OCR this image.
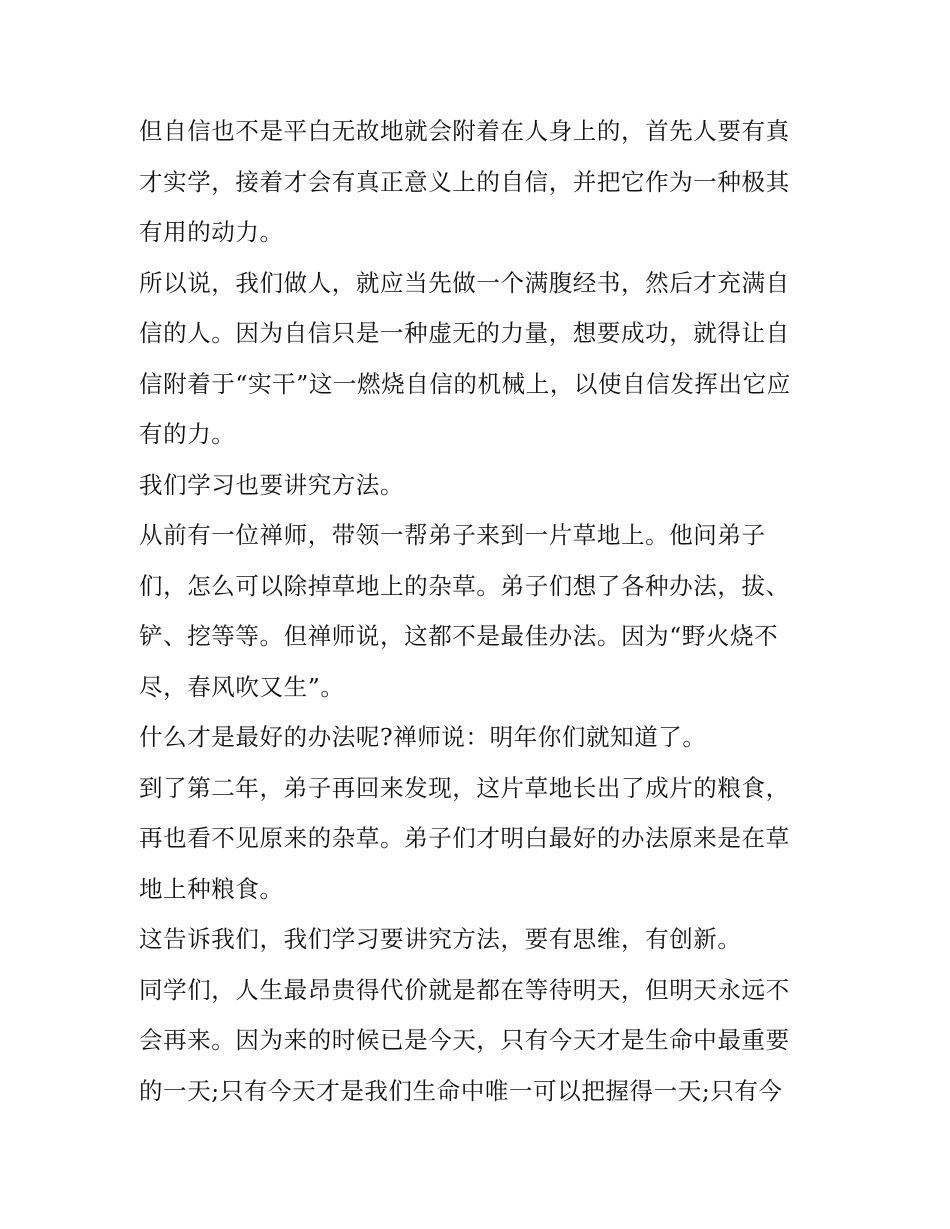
但自信也不是平白无故地就会附着在人身上的，首先人要有真
才实学，接着才会有真正意义上的自信，并把它作为一种极其
有用的动力。

所以说，我们做人，就应当先做一个满腹经书，然后才充满自
信的人。因为自信只是一种虚无的力量，想要成功，就得让自
信附着于“实干”这一燃烧自信的机械上，以使自信发挥出它应
有的力。

我们学习也要讲究方法。

从前有一位禅师，带领一帮弟子来到一片草地上。他问弟子
们，怎么可以除掉草地上的杂草。弟子们想了各种办法，拔、
铲、挖等等。但禅师说，这都不是最佳办法。因为“野火烧不
尽，春风吹又生”。

什么才是最好的办法呢?禅师说：明年你们就知道了。

到了第二年，弟子再回来发现，这片草地长出了成片的粮食，
再也看不见原来的杂草。弟子们才明白最好的办法原来是在草
地上种粮食。

这告诉我们，我们学习要讲究方法，要有思维，有创新。

同学们，人生最昂贵得代价就是都在等待明天，但明天永远不
会再来。因为来的时候已是今天，只有今天才是生命中最重要
的一天;只有今天才是我们生命中唯一可以把握得一天;只有今
